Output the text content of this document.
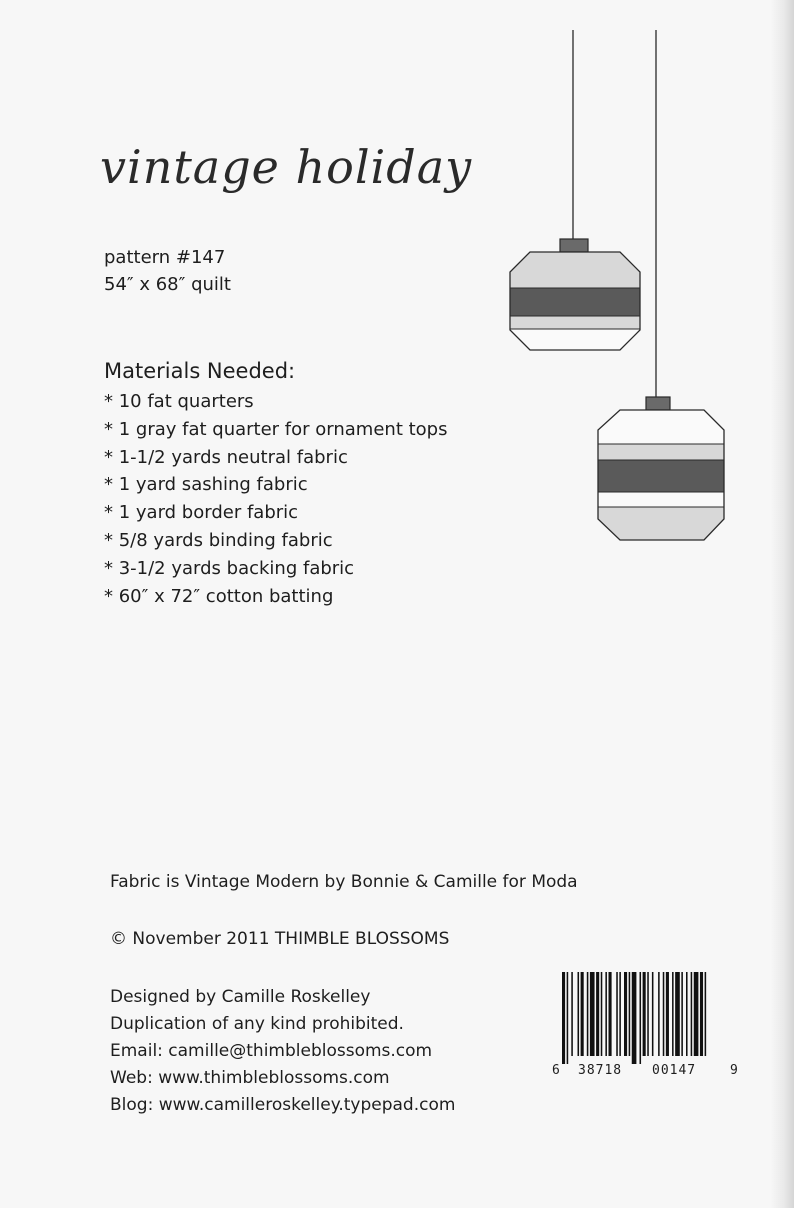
vintage holiday
pattern #147
54″ x 68″ quilt
Materials Needed:
* 10 fat quarters
* 1 gray fat quarter for ornament tops
* 1-1/2 yards neutral fabric
* 1 yard sashing fabric
* 1 yard border fabric
* 5/8 yards binding fabric
* 3-1/2 yards backing fabric
* 60″ x 72″ cotton batting
Fabric is Vintage Modern by Bonnie & Camille for Moda
© November 2011 THIMBLE BLOSSOMS
Designed by Camille Roskelley
Duplication of any kind prohibited.
Email: camille@thimbleblossoms.com
Web: www.thimbleblossoms.com
Blog: www.camilleroskelley.typepad.com
6 38718 00147	9
